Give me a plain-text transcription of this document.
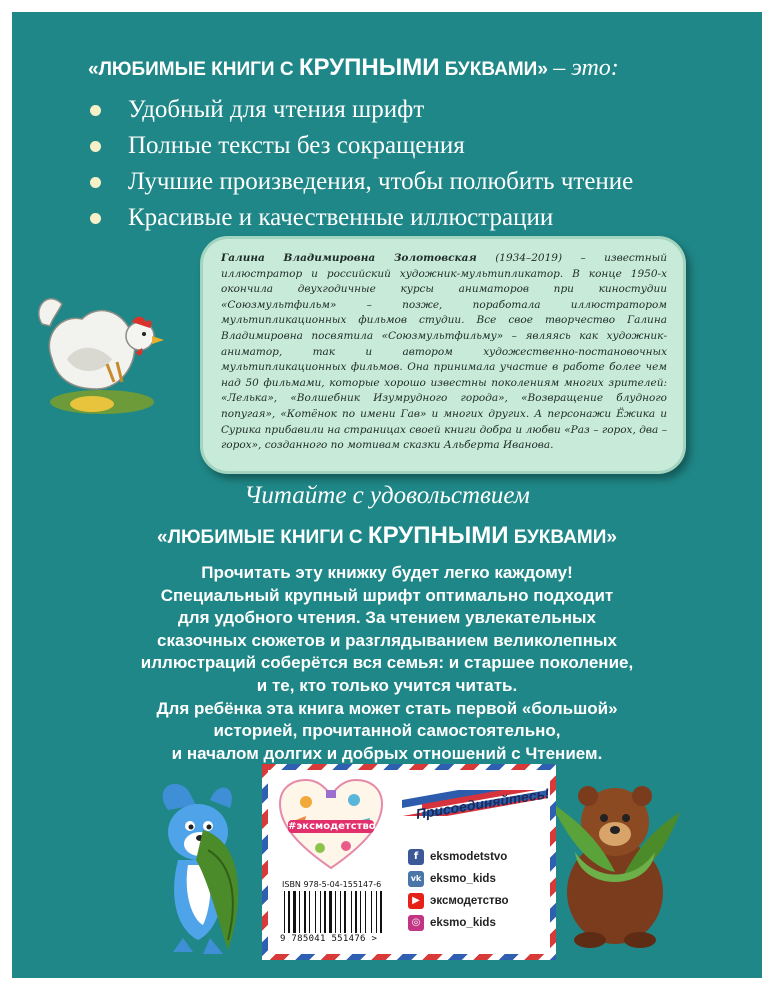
«ЛЮБИМЫЕ КНИГИ С КРУПНЫМИ БУКВАМИ» – это:
Удобный для чтения шрифт
Полные тексты без сокращения
Лучшие произведения, чтобы полюбить чтение
Красивые и качественные иллюстрации
Галина Владимировна Золотовская (1934–2019) – известный иллюстратор и российский художник-мультипликатор. В конце 1950-х окончила двухгодичные курсы аниматоров при киностудии «Союзмультфильм» – позже, поработала иллюстратором мультипликационных фильмов студии. Все свое творчество Галина Владимировна посвятила «Союзмультфильму» – являясь как художник-аниматор, так и автором художественно-постановочных мультипликационных фильмов. Она принимала участие в работе более чем над 50 фильмами, которые хорошо известны поколениям многих зрителей: «Лелька», «Волшебник Изумрудного города», «Возвращение блудного попугая», «Котёнок по имени Гав» и многих других. А персонажи Ёжика и Сурика прибавили на страницах своей книги добра и любви «Раз – горох, два – горох», созданного по мотивам сказки Альберта Иванова.
Читайте с удовольствием
«ЛЮБИМЫЕ КНИГИ С КРУПНЫМИ БУКВАМИ»
Прочитать эту книжку будет легко каждому!
Специальный крупный шрифт оптимально подходит
для удобного чтения. За чтением увлекательных
сказочных сюжетов и разглядыванием великолепных
иллюстраций соберётся вся семья: и старшее поколение,
и те, кто только учится читать.
Для ребёнка эта книга может стать первой «большой»
историей, прочитанной самостоятельно,
и началом долгих и добрых отношений с Чтением.
#эксмодетство
Присоединяйтесь!
f	eksmodetstvo
vk eksmo_kids
▶ эксмодетство
◎ eksmo_kids
ISBN 978-5-04-155147-6
9 785041 551476 >
